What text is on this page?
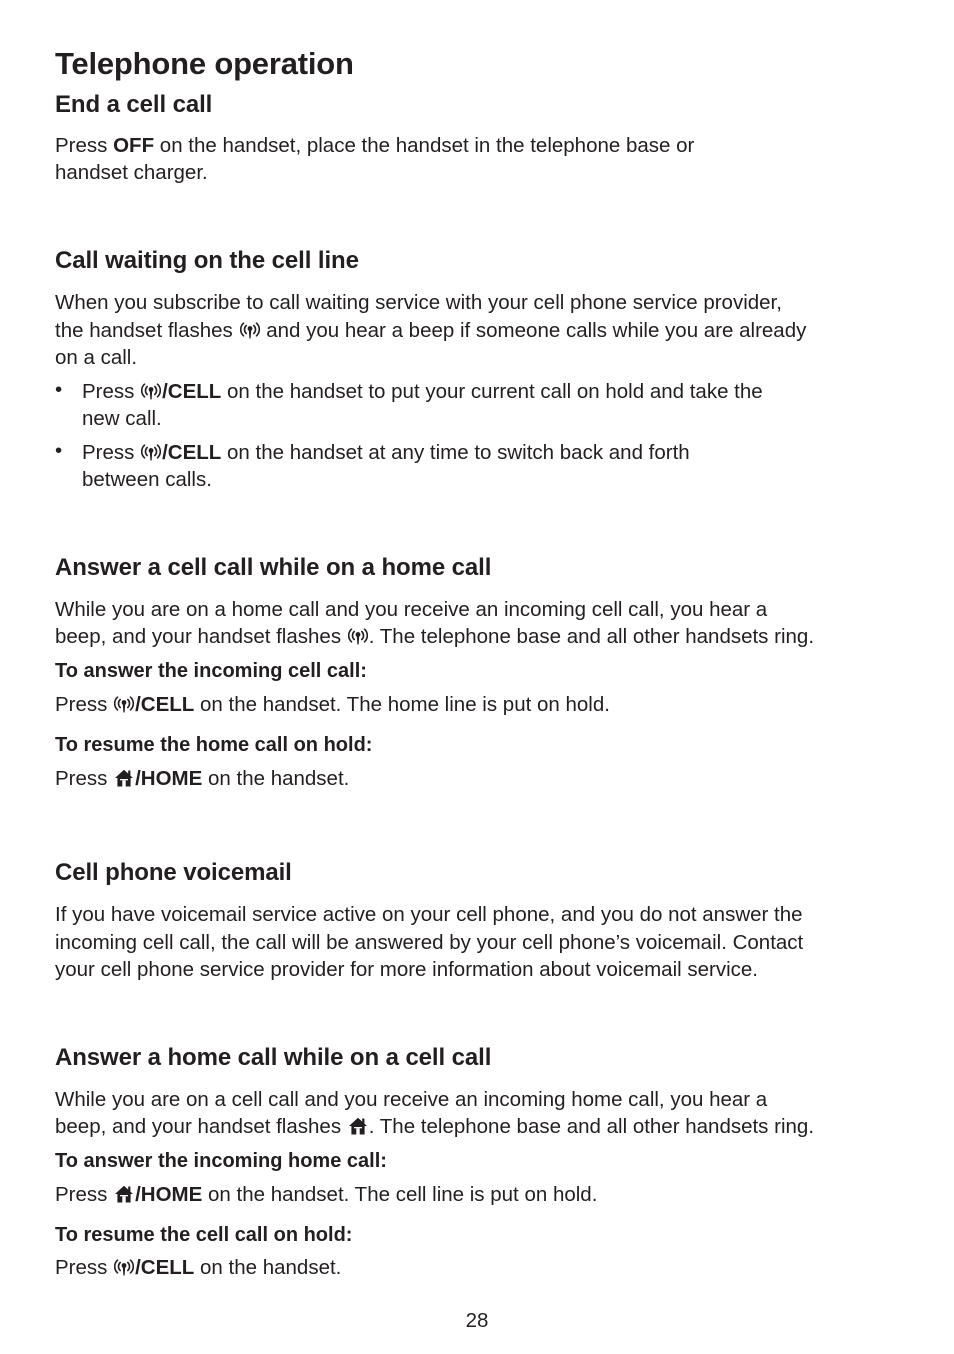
Telephone operation
End a cell call
Press OFF on the handset, place the handset in the telephone base or
handset charger.
Call waiting on the cell line
When you subscribe to call waiting service with your cell phone service provider,
the handset flashes
and you hear a beep if someone calls while you are already
on a call.
• Press
/CELL on the handset to put your current call on hold and take the
new call.
• Press
/CELL on the handset at any time to switch back and forth
between calls.
Answer a cell call while on a home call
While you are on a home call and you receive an incoming cell call, you hear a
beep, and your handset flashes
. The telephone base and all other handsets ring.
To answer the incoming cell call:
Press
/CELL on the handset. The home line is put on hold.
To resume the home call on hold:
Press
/HOME on the handset.
Cell phone voicemail
If you have voicemail service active on your cell phone, and you do not answer the
incoming cell call, the call will be answered by your cell phone’s voicemail. Contact
your cell phone service provider for more information about voicemail service.
Answer a home call while on a cell call
While you are on a cell call and you receive an incoming home call, you hear a
beep, and your handset flashes
. The telephone base and all other handsets ring.
To answer the incoming home call:
Press
/HOME on the handset. The cell line is put on hold.
To resume the cell call on hold:
Press
/CELL on the handset.
28
